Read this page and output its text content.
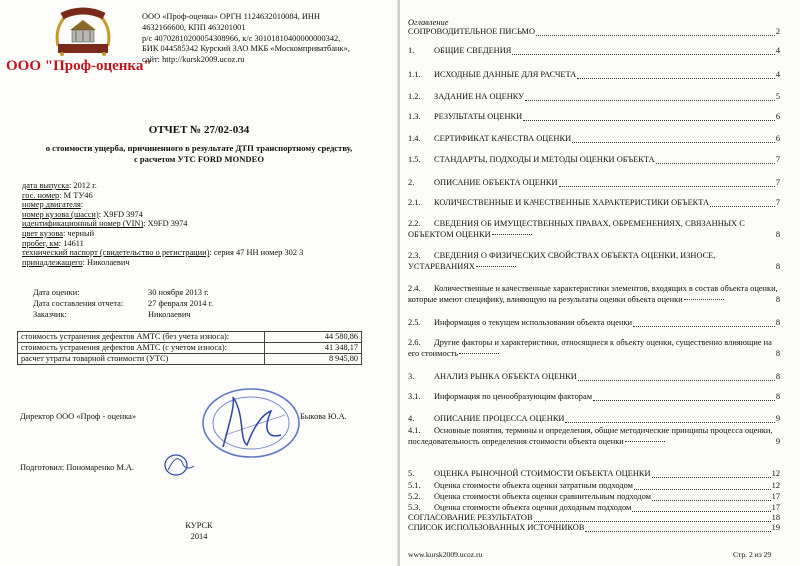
ООО "Проф-оценка"
ООО «Проф-оценка» ОРГН 1124632010084, ИНН
4632166600, КПП 463201001
р/с 40702810200054308966, к/с 30101810400000000342,
БИК 044585342 Курский ЗАО МКБ «Москомприватбанк»,
сайт: http://kursk2009.ucoz.ru
ОТЧЕТ № 27/02-034
о стоимости ущерба, причиненного в результате ДТП транспортному средству,
с расчетом УТС FORD MONDEO
дата выпуска: 2012 г.
гос. номер: М ТУ46
номер двигателя:
номер кузова (шасси): X9FD 3974
идентификационный номер (VIN): X9FD 3974
цвет кузова: черный
пробег, км: 14611
технический паспорт (свидетельство о регистрации): серия 47 НН номер 302 3
принадлежащего: Николаевич
Дата оценки:	30 ноября 2013 г.
Дата составления отчета:	27 февраля 2014 г.
Заказчик:	Николаевич
стоимость устранения дефектов АМТС (без учета износа):	44 580,86
стоимость устранения дефектов АМТС (с учетом износа):	41 348,17
расчет утраты товарной стоимости (УТС)	8 945,80
Директор ООО «Проф - оценка»	Быкова Ю.А.
Подготовил: Пономаренко М.А.
КУРСК
2014
Оглавление
СОПРОВОДИТЕЛЬНОЕ ПИСЬМО	2
1.	ОБЩИЕ СВЕДЕНИЯ	4
1.1.	ИСХОДНЫЕ ДАННЫЕ ДЛЯ РАСЧЕТА	4
1.2.	ЗАДАНИЕ НА ОЦЕНКУ	5
1.3.	РЕЗУЛЬТАТЫ ОЦЕНКИ	6
1.4.	СЕРТИФИКАТ КАЧЕСТВА ОЦЕНКИ	6
1.5.	СТАНДАРТЫ, ПОДХОДЫ И МЕТОДЫ ОЦЕНКИ ОБЪЕКТА	7
2.	ОПИСАНИЕ ОБЪЕКТА ОЦЕНКИ	7
2.1.	КОЛИЧЕСТВЕННЫЕ И КАЧЕСТВЕННЫЕ ХАРАКТЕРИСТИКИ ОБЪЕКТА	7
2.2. СВЕДЕНИЯ ОБ ИМУЩЕСТВЕННЫХ ПРАВАХ, ОБРЕМЕНЕНИЯХ, СВЯЗАННЫХ С ОБЪЕКТОМ ОЦЕНКИ	8
2.3. СВЕДЕНИЯ О ФИЗИЧЕСКИХ СВОЙСТВАХ ОБЪЕКТА ОЦЕНКИ, ИЗНОСЕ, УСТАРЕВАНИЯХ	8
2.4. Количественные и качественные характеристики элементов, входящих в состав объекта оценки, которые имеют специфику, влияющую на результаты оценки объекта оценки	8
2.5.	Информация о текущем использовании объекта оценки	8
2.6. Другие факторы и характеристики, относящиеся к объекту оценки, существенно влияющие на его стоимость	8
3.	АНАЛИЗ РЫНКА ОБЪЕКТА ОЦЕНКИ	8
3.1.	Информация по ценообразующим факторам	8
4.	ОПИСАНИЕ ПРОЦЕССА ОЦЕНКИ	9
4.1. Основные понятия, термины и определения, общие методические принципы процесса оценки, последовательность определения стоимости объекта оценки	9
5.	ОЦЕНКА РЫНОЧНОЙ СТОИМОСТИ ОБЪЕКТА ОЦЕНКИ	12
5.1.	Оценка стоимости объекта оценки затратным подходом	12
5.2.	Оценка стоимости объекта оценки сравнительным подходом	17
5.3.	Оценка стоимости объекта оценки доходным подходом	17
СОГЛАСОВАНИЕ РЕЗУЛЬТАТОВ	18
СПИСОК ИСПОЛЬЗОВАННЫХ ИСТОЧНИКОВ	19
www.kursk2009.ucoz.ru	Стр. 2 из 29
